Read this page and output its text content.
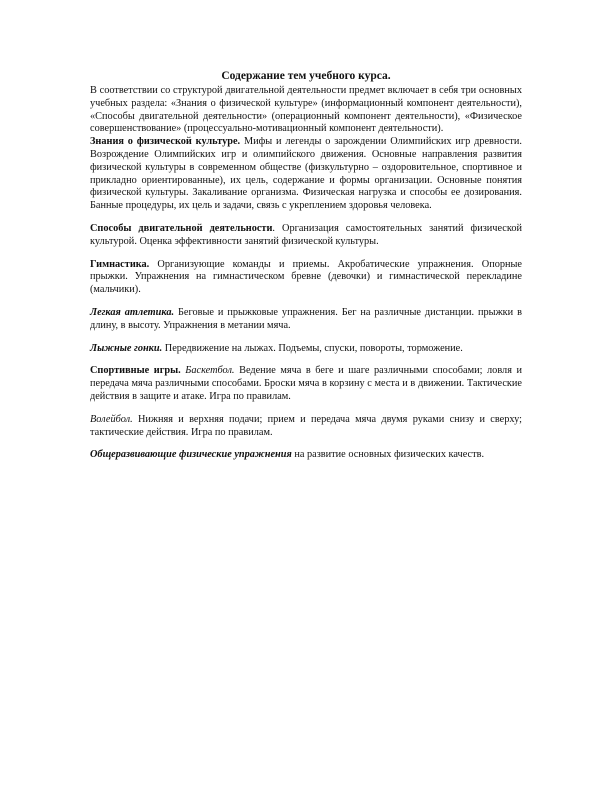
Содержание тем учебного курса.

В соответствии со структурой двигательной деятельности предмет включает в себя три основных учебных раздела: «Знания о физической культуре» (информационный компонент деятельности), «Способы двигательной деятельности» (операционный компонент деятельности), «Физическое совершенствование» (процессуально-мотивационный компонент деятельности).

Знания о физической культуре. Мифы и легенды о зарождении Олимпийских игр древности. Возрождение Олимпийских игр и олимпийского движения. Основные направления развития физической культуры в современном обществе (физкультурно – оздоровительное, спортивное и прикладно ориентированные), их цель, содержание и формы организации. Основные понятия физической культуры. Закаливание организма. Физическая нагрузка и способы ее дозирования. Банные процедуры, их цель и задачи, связь с укреплением здоровья человека.

Способы двигательной деятельности. Организация самостоятельных занятий физической культурой. Оценка эффективности занятий физической культуры.

Гимнастика. Организующие команды и приемы. Акробатические упражнения. Опорные прыжки. Упражнения на гимнастическом бревне (девочки) и гимнастической перекладине (мальчики).

Легкая атлетика. Беговые и прыжковые упражнения. Бег на различные дистанции. прыжки в длину, в высоту. Упражнения в метании мяча.

Лыжные гонки. Передвижение на лыжах. Подъемы, спуски, повороты, торможение.

Спортивные игры. Баскетбол. Ведение мяча в беге и шаге различными способами; ловля и передача мяча различными способами. Броски мяча в корзину с места и в движении. Тактические действия в защите и атаке. Игра по правилам.

Волейбол. Нижняя и верхняя подачи; прием и передача мяча двумя руками снизу и сверху; тактические действия. Игра по правилам.

Общеразвивающие физические упражнения на развитие основных физических качеств.
